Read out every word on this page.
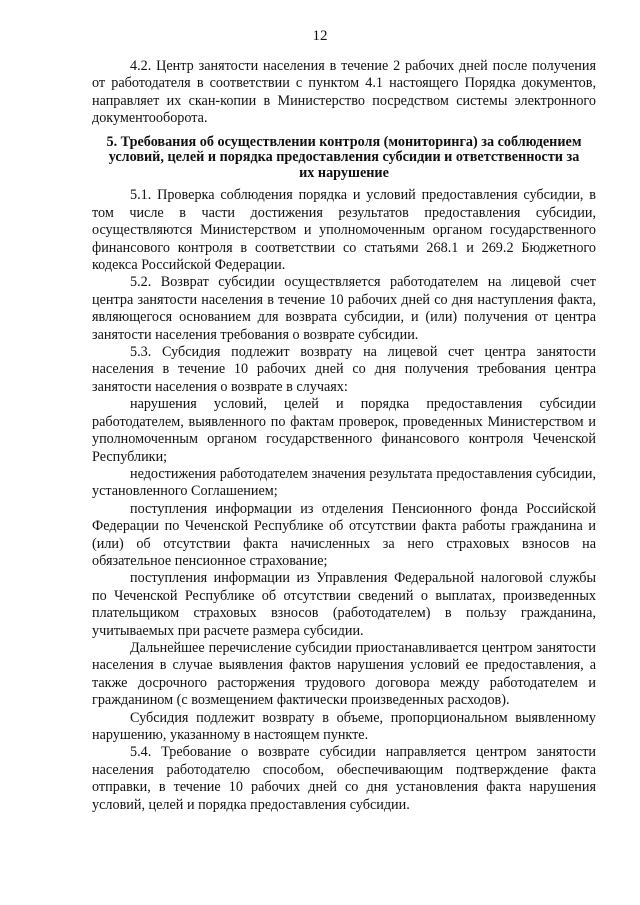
12

4.2. Центр занятости населения в течение 2 рабочих дней после получения от работодателя в соответствии с пунктом 4.1 настоящего Порядка документов, направляет их скан-копии в Министерство посредством системы электронного документооборота.

5. Требования об осуществлении контроля (мониторинга) за соблюдением условий, целей и порядка предоставления субсидии и ответственности за их нарушение

5.1. Проверка соблюдения порядка и условий предоставления субсидии, в том числе в части достижения результатов предоставления субсидии, осуществляются Министерством и уполномоченным органом государственного финансового контроля в соответствии со статьями 268.1 и 269.2 Бюджетного кодекса Российской Федерации.

5.2. Возврат субсидии осуществляется работодателем на лицевой счет центра занятости населения в течение 10 рабочих дней со дня наступления факта, являющегося основанием для возврата субсидии, и (или) получения от центра занятости населения требования о возврате субсидии.

5.3. Субсидия подлежит возврату на лицевой счет центра занятости населения в течение 10 рабочих дней со дня получения требования центра занятости населения о возврате в случаях:

нарушения условий, целей и порядка предоставления субсидии работодателем, выявленного по фактам проверок, проведенных Министерством и уполномоченным органом государственного финансового контроля Чеченской Республики;

недостижения работодателем значения результата предоставления субсидии, установленного Соглашением;

поступления информации из отделения Пенсионного фонда Российской Федерации по Чеченской Республике об отсутствии факта работы гражданина и (или) об отсутствии факта начисленных за него страховых взносов на обязательное пенсионное страхование;

поступления информации из Управления Федеральной налоговой службы по Чеченской Республике об отсутствии сведений о выплатах, произведенных плательщиком страховых взносов (работодателем) в пользу гражданина, учитываемых при расчете размера субсидии.

Дальнейшее перечисление субсидии приостанавливается центром занятости населения в случае выявления фактов нарушения условий ее предоставления, а также досрочного расторжения трудового договора между работодателем и гражданином (с возмещением фактически произведенных расходов).

Субсидия подлежит возврату в объеме, пропорциональном выявленному нарушению, указанному в настоящем пункте.

5.4. Требование о возврате субсидии направляется центром занятости населения работодателю способом, обеспечивающим подтверждение факта отправки, в течение 10 рабочих дней со дня установления факта нарушения условий, целей и порядка предоставления субсидии.
